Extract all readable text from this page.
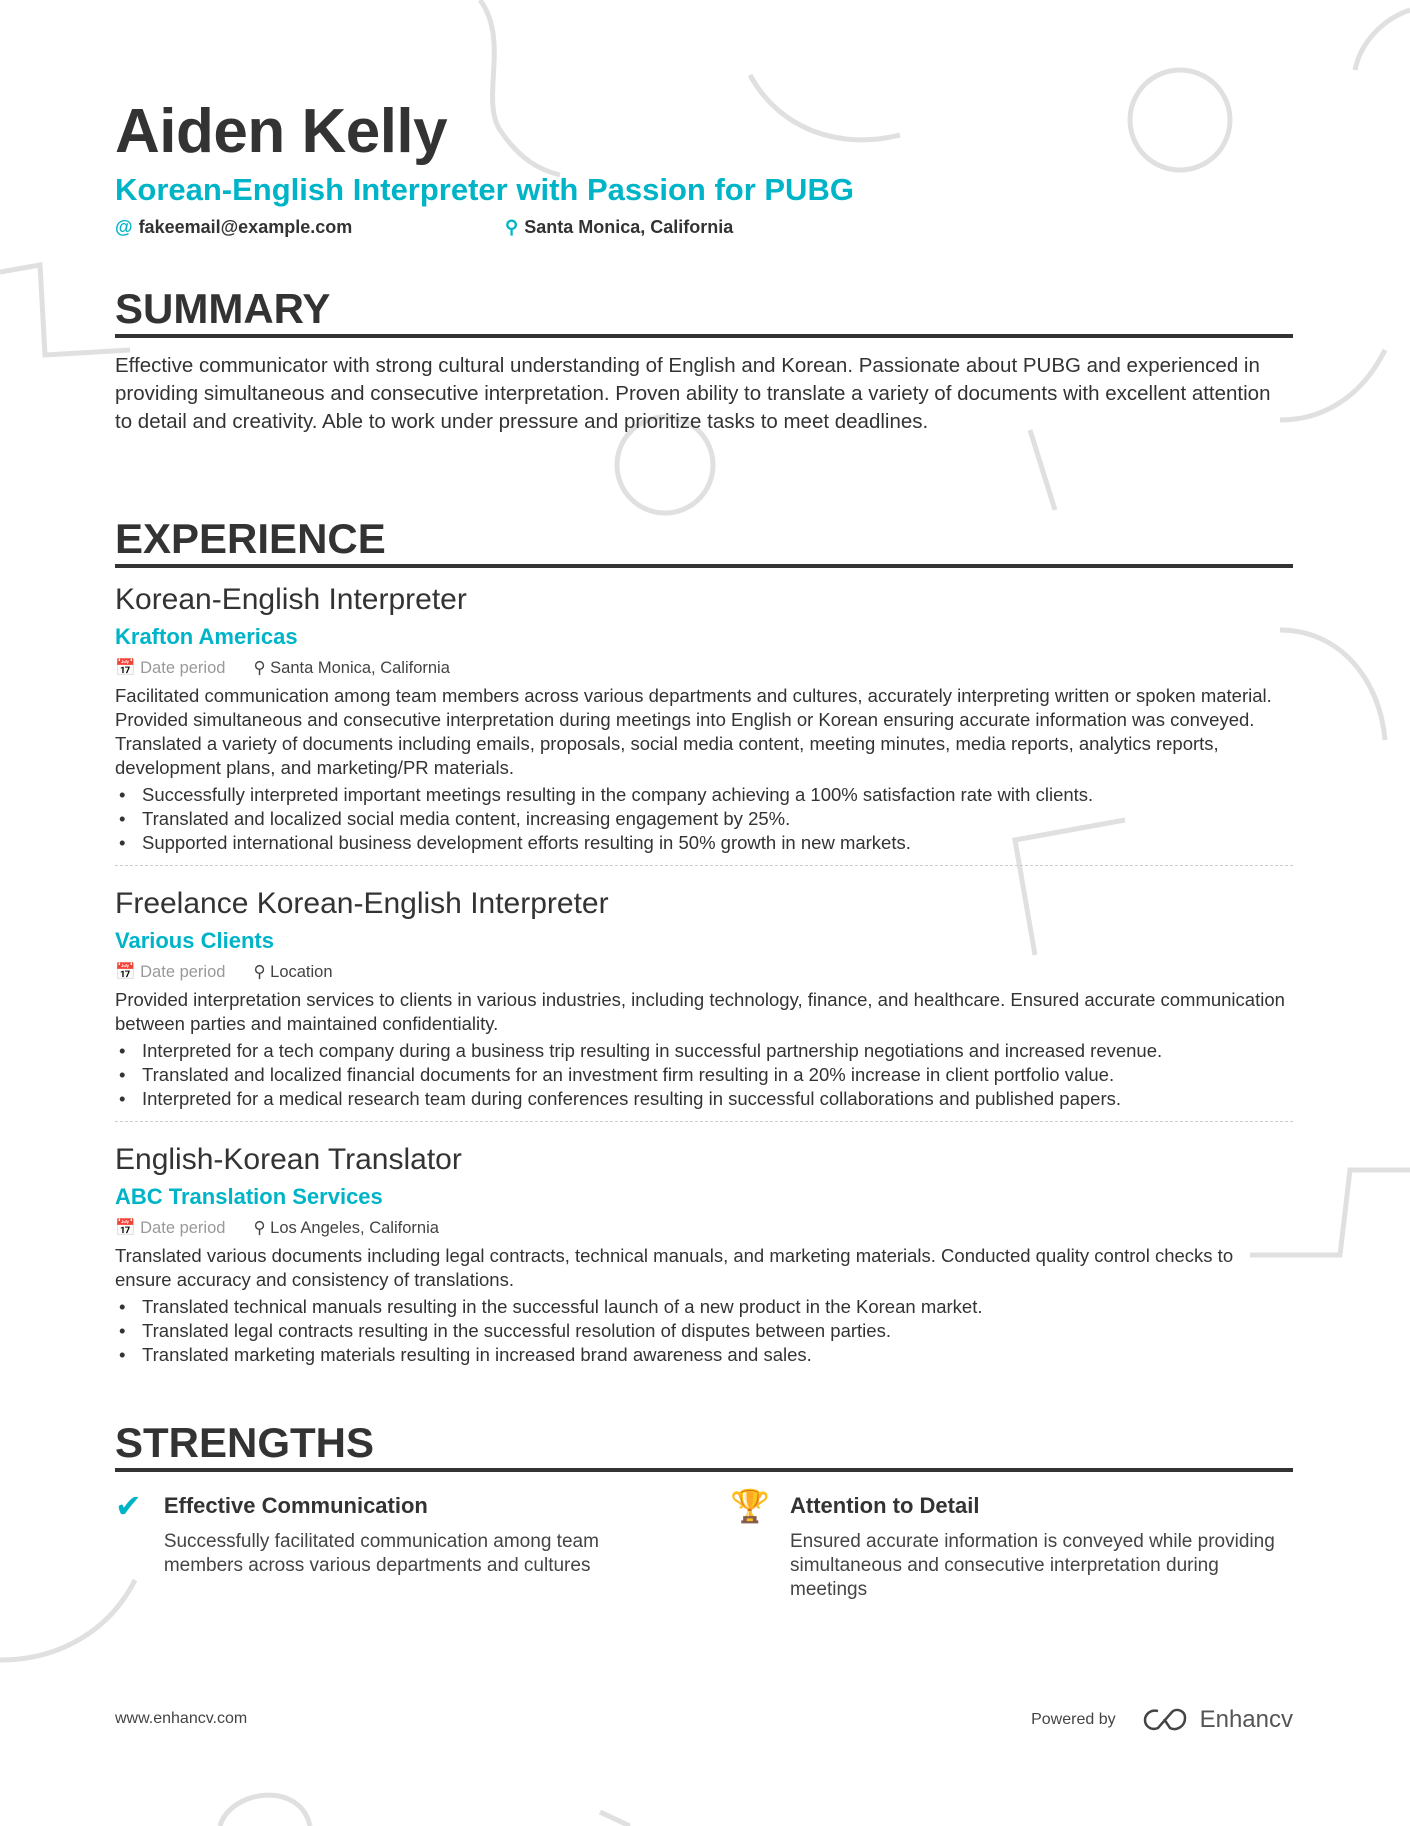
Aiden Kelly
Korean-English Interpreter with Passion for PUBG
@ fakeemail@example.com	⚲ Santa Monica, California
SUMMARY
Effective communicator with strong cultural understanding of English and Korean. Passionate about PUBG and experienced in providing simultaneous and consecutive interpretation. Proven ability to translate a variety of documents with excellent attention to detail and creativity. Able to work under pressure and prioritize tasks to meet deadlines.
EXPERIENCE
Korean-English Interpreter
Krafton Americas
📅 Date period ⚲ Santa Monica, California
Facilitated communication among team members across various departments and cultures, accurately interpreting written or spoken material. Provided simultaneous and consecutive interpretation during meetings into English or Korean ensuring accurate information was conveyed. Translated a variety of documents including emails, proposals, social media content, meeting minutes, media reports, analytics reports, development plans, and marketing/PR materials.
• Successfully interpreted important meetings resulting in the company achieving a 100% satisfaction rate with clients.
• Translated and localized social media content, increasing engagement by 25%.
• Supported international business development efforts resulting in 50% growth in new markets.
Freelance Korean-English Interpreter
Various Clients
📅 Date period ⚲ Location
Provided interpretation services to clients in various industries, including technology, finance, and healthcare. Ensured accurate communication between parties and maintained confidentiality.
• Interpreted for a tech company during a business trip resulting in successful partnership negotiations and increased revenue.
• Translated and localized financial documents for an investment firm resulting in a 20% increase in client portfolio value.
• Interpreted for a medical research team during conferences resulting in successful collaborations and published papers.
English-Korean Translator
ABC Translation Services
📅 Date period ⚲ Los Angeles, California
Translated various documents including legal contracts, technical manuals, and marketing materials. Conducted quality control checks to ensure accuracy and consistency of translations.
• Translated technical manuals resulting in the successful launch of a new product in the Korean market.
• Translated legal contracts resulting in the successful resolution of disputes between parties.
• Translated marketing materials resulting in increased brand awareness and sales.
STRENGTHS
✔ Effective Communication

Successfully facilitated communication among team members across various departments and cultures

🏆 Attention to Detail

Ensured accurate information is conveyed while providing simultaneous and consecutive interpretation during meetings

www.enhancv.com	Powered by	Enhancv
